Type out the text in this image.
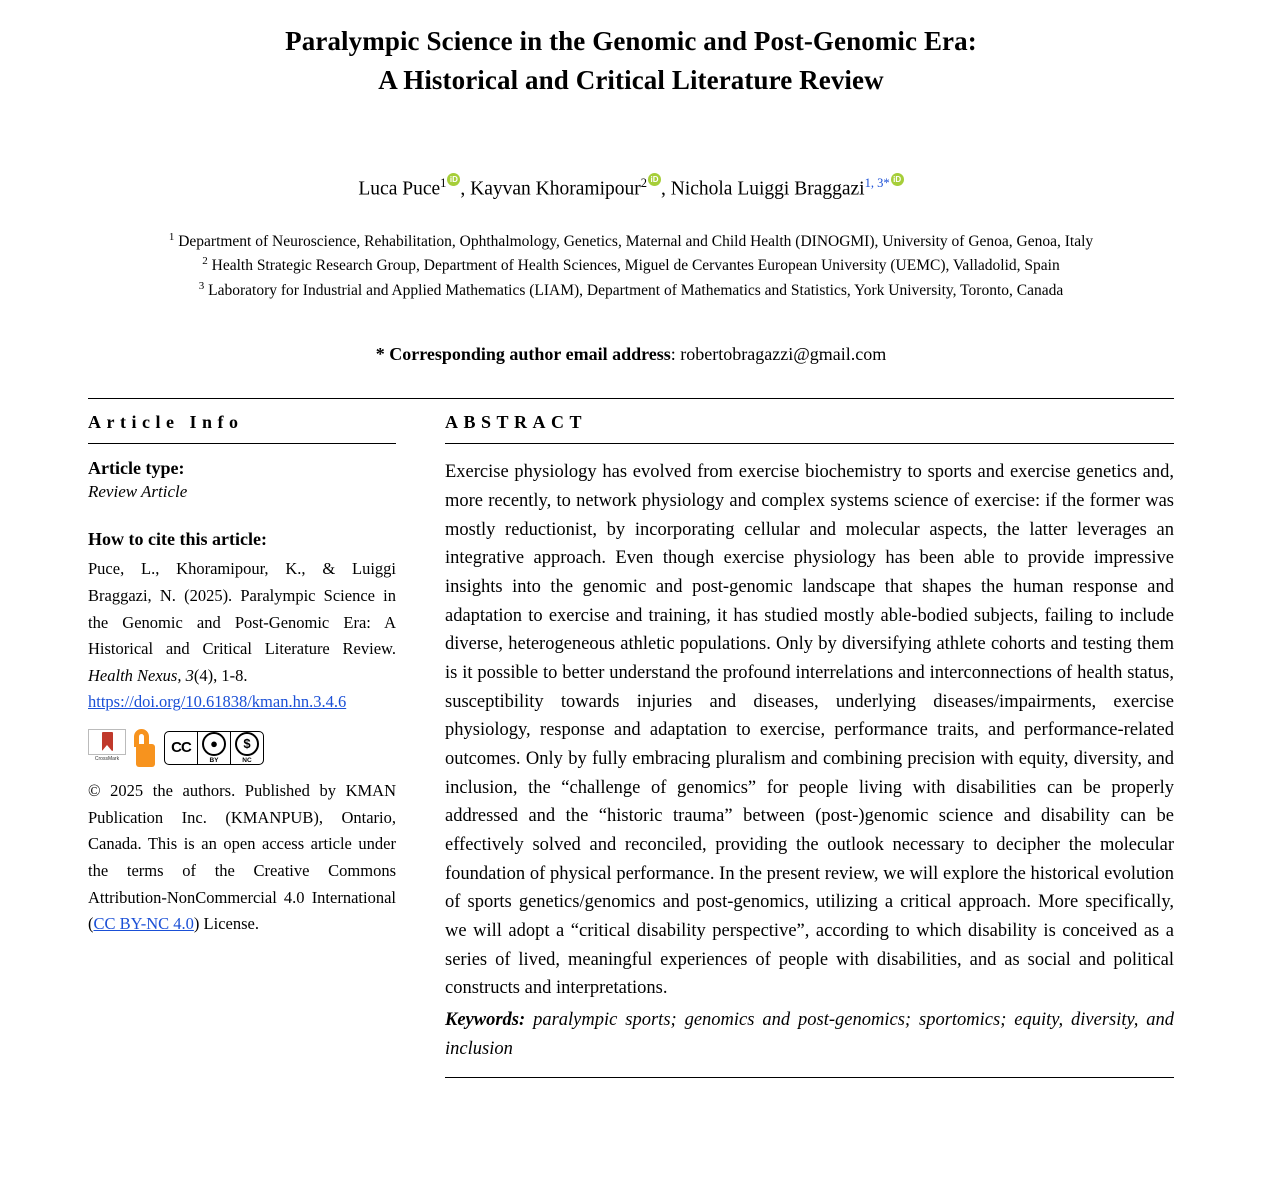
Paralympic Science in the Genomic and Post-Genomic Era:
A Historical and Critical Literature Review
Luca Puce$^1$ iD , Kayvan Khoramipour$^2$ iD , Nichola Luiggi Braggazi$^{1, 3*}$iD
$^1$ Department of Neuroscience, Rehabilitation, Ophthalmology, Genetics, Maternal and Child Health (DINOGMI), University of Genoa, Genoa, Italy
$^2$ Health Strategic Research Group, Department of Health Sciences, Miguel de Cervantes European University (UEMC), Valladolid, Spain
$^3$ Laboratory for Industrial and Applied Mathematics (LIAM), Department of Mathematics and Statistics, York University, Toronto, Canada
* Corresponding author email address: robertobragazzi@gmail.com
Article Info	ABSTRACT
Article type:
Review Article
How to cite this article:
Puce, L., Khoramipour, K., & Luiggi Braggazi, N. (2025). Paralympic Science in the Genomic and Post-Genomic Era: A Historical and Critical Literature Review. Health Nexus, 3(4), 1-8.
https://doi.org/10.61838/kman.hn.3.4.6
CrossMark
CC	●
BY
$
NC
© 2025 the authors. Published by KMAN Publication Inc. (KMANPUB), Ontario, Canada. This is an open access article under the terms of the Creative Commons Attribution-NonCommercial 4.0 International (CC BY-NC 4.0) License.
Exercise physiology has evolved from exercise biochemistry to sports and exercise genetics and, more recently, to network physiology and complex systems science of exercise: if the former was mostly reductionist, by incorporating cellular and molecular aspects, the latter leverages an integrative approach. Even though exercise physiology has been able to provide impressive insights into the genomic and post-genomic landscape that shapes the human response and adaptation to exercise and training, it has studied mostly able-bodied subjects, failing to include diverse, heterogeneous athletic populations. Only by diversifying athlete cohorts and testing them is it possible to better understand the profound interrelations and interconnections of health status, susceptibility towards injuries and diseases, underlying diseases/impairments, exercise physiology, response and adaptation to exercise, performance traits, and performance-related outcomes. Only by fully embracing pluralism and combining precision with equity, diversity, and inclusion, the “challenge of genomics” for people living with disabilities can be properly addressed and the “historic trauma” between (post-)genomic science and disability can be effectively solved and reconciled, providing the outlook necessary to decipher the molecular foundation of physical performance. In the present review, we will explore the historical evolution of sports genetics/genomics and post-genomics, utilizing a critical approach. More specifically, we will adopt a “critical disability perspective”, according to which disability is conceived as a series of lived, meaningful experiences of people with disabilities, and as social and political constructs and interpretations.
Keywords: paralympic sports; genomics and post-genomics; sportomics; equity, diversity, and inclusion
